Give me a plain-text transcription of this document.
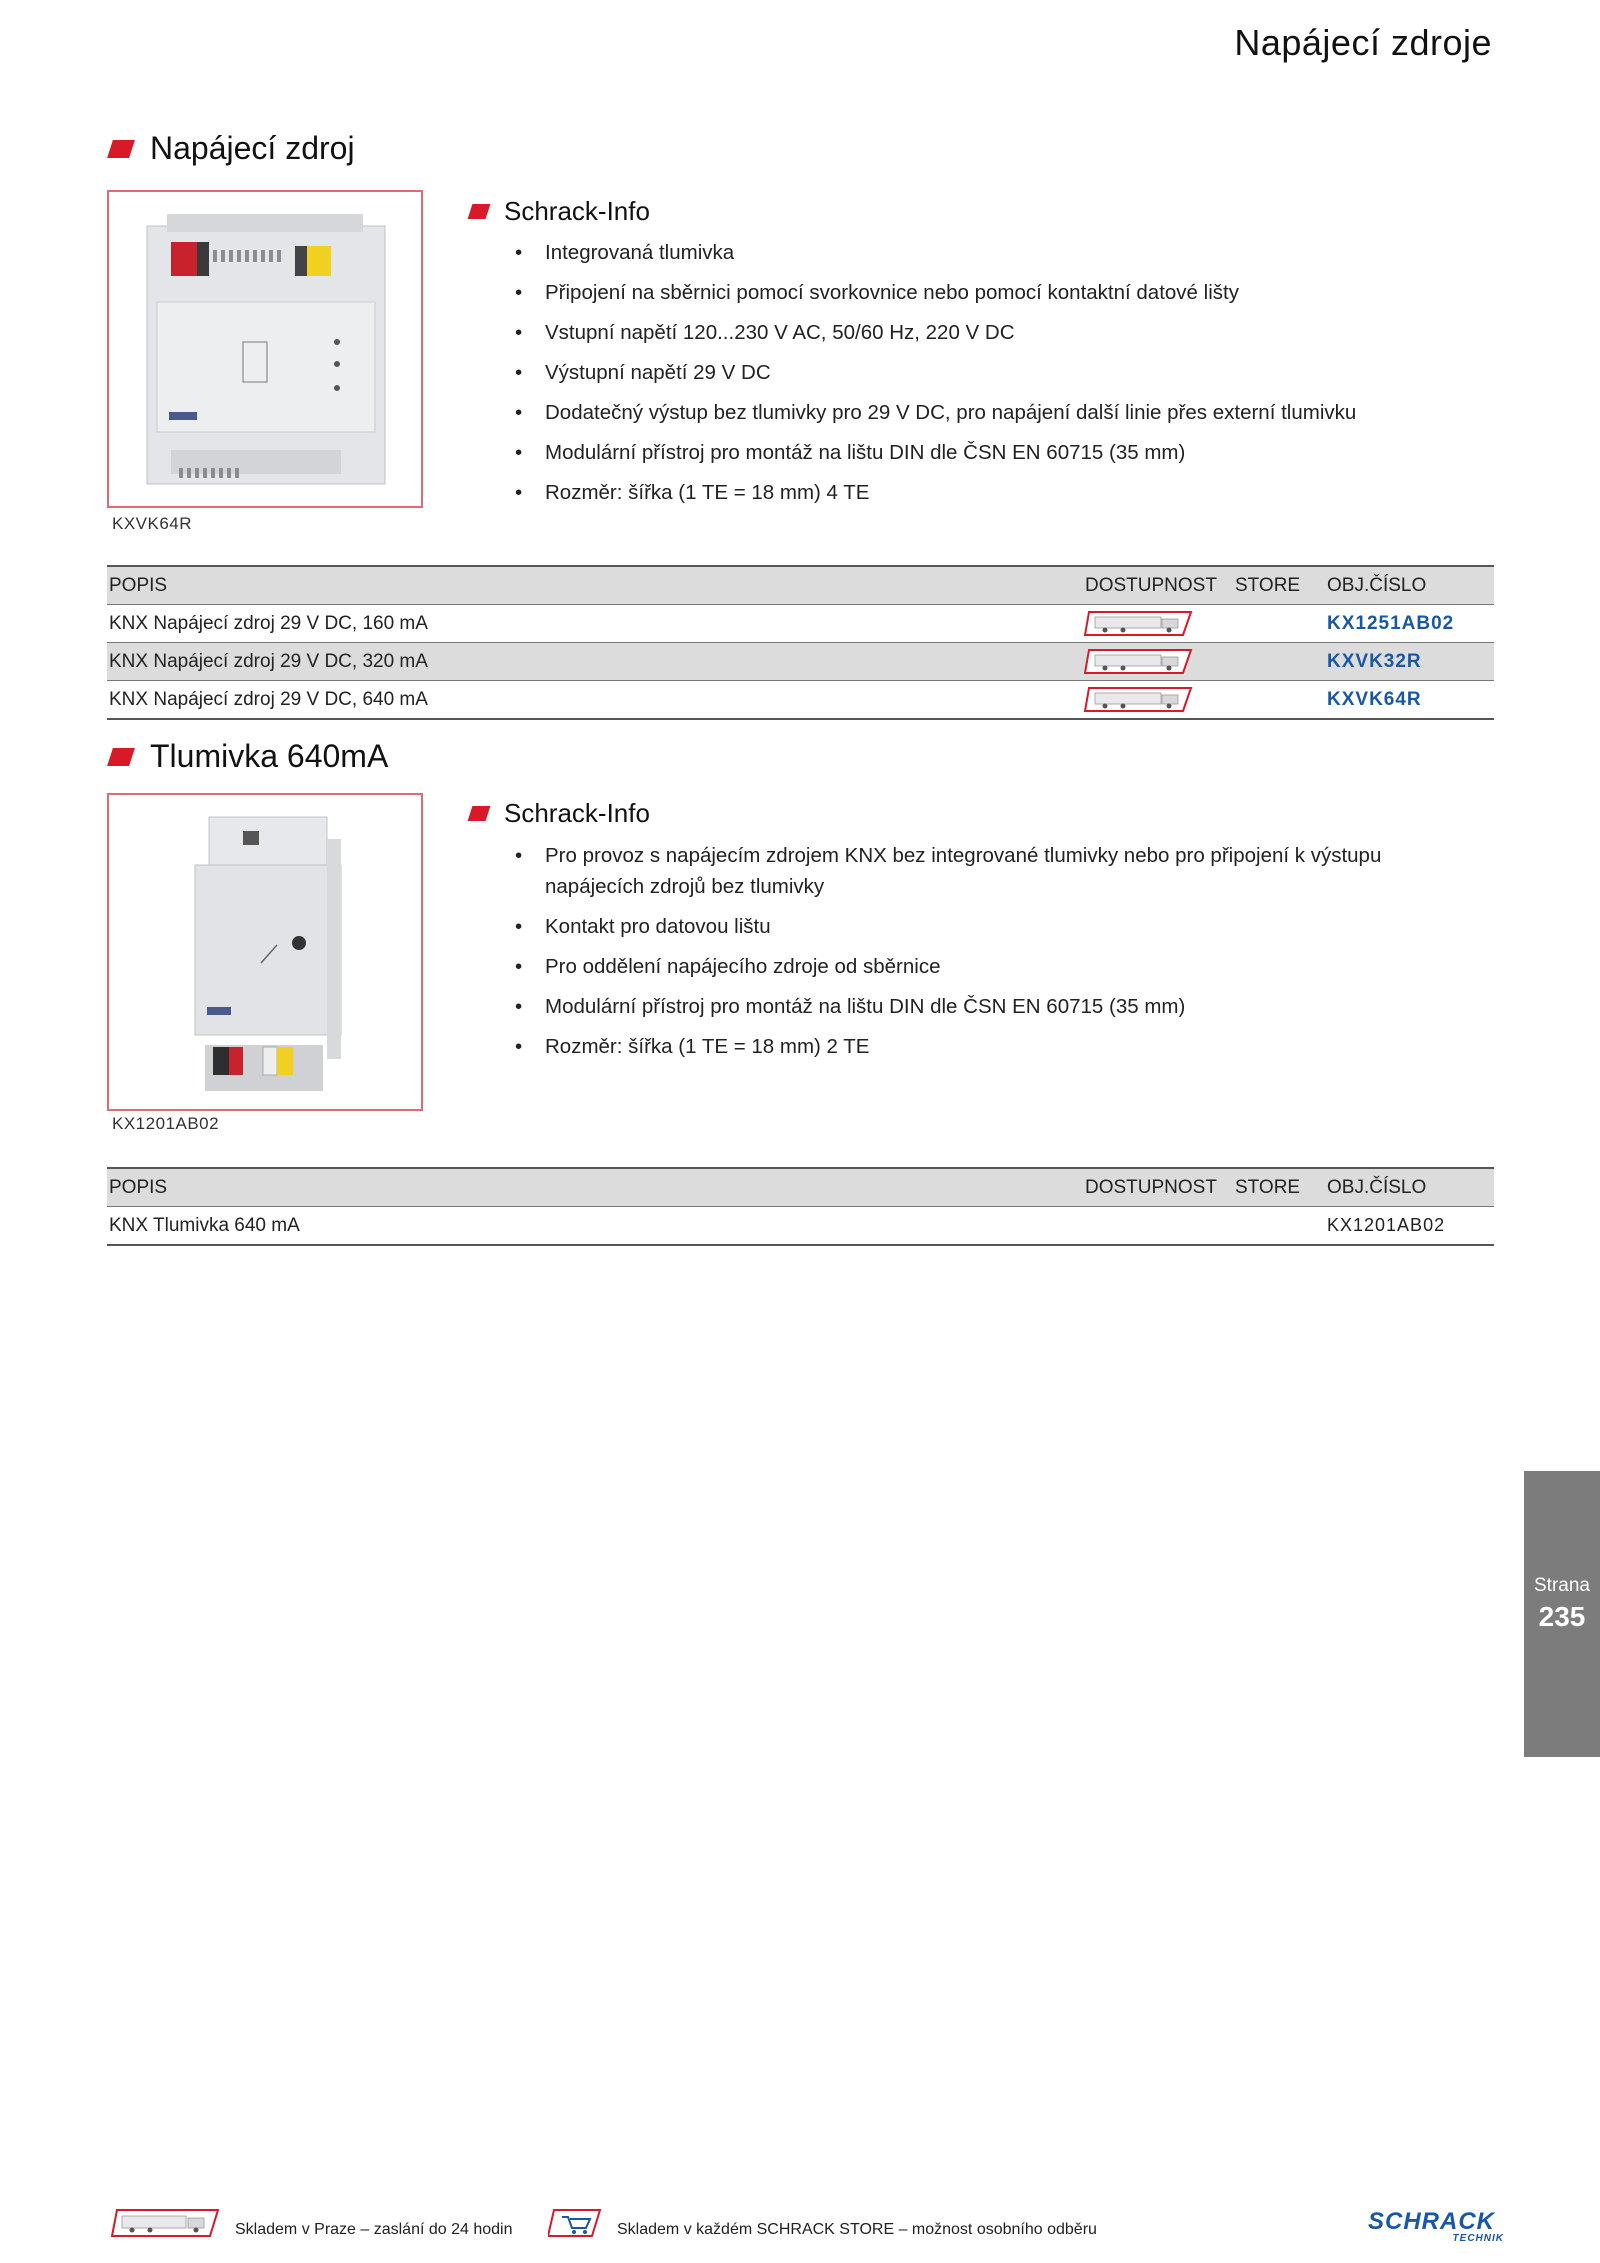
Napájecí zdroje
Napájecí zdroj
KXVK64R
Schrack-Info
• Integrovaná tlumivka
• Připojení na sběrnici pomocí svorkovnice nebo pomocí kontaktní datové lišty
• Vstupní napětí 120...230 V AC, 50/60 Hz, 220 V DC
• Výstupní napětí 29 V DC
• Dodatečný výstup bez tlumivky pro 29 V DC, pro napájení další linie přes externí tlumivku
• Modulární přístroj pro montáž na lištu DIN dle ČSN EN 60715 (35 mm)
• Rozměr: šířka (1 TE = 18 mm) 4 TE
POPIS	DOSTUPNOST	STORE	OBJ.ČÍSLO
KNX Napájecí zdroj 29 V DC, 160 mA			KX1251AB02
KNX Napájecí zdroj 29 V DC, 320 mA			KXVK32R
KNX Napájecí zdroj 29 V DC, 640 mA			KXVK64R
Tlumivka 640mA
KX1201AB02
Schrack-Info
• Pro provoz s napájecím zdrojem KNX bez integrované tlumivky nebo pro připojení k výstupu napájecích zdrojů bez tlumivky
• Kontakt pro datovou lištu
• Pro oddělení napájecího zdroje od sběrnice
• Modulární přístroj pro montáž na lištu DIN dle ČSN EN 60715 (35 mm)
• Rozměr: šířka (1 TE = 18 mm) 2 TE
POPIS	DOSTUPNOST	STORE	OBJ.ČÍSLO
KNX Tlumivka 640 mA			KX1201AB02
Strana
235
Skladem v Praze – zaslání do 24 hodin	Skladem v každém SCHRACK STORE – možnost osobního odběru	SCHRACK
TECHNIK
